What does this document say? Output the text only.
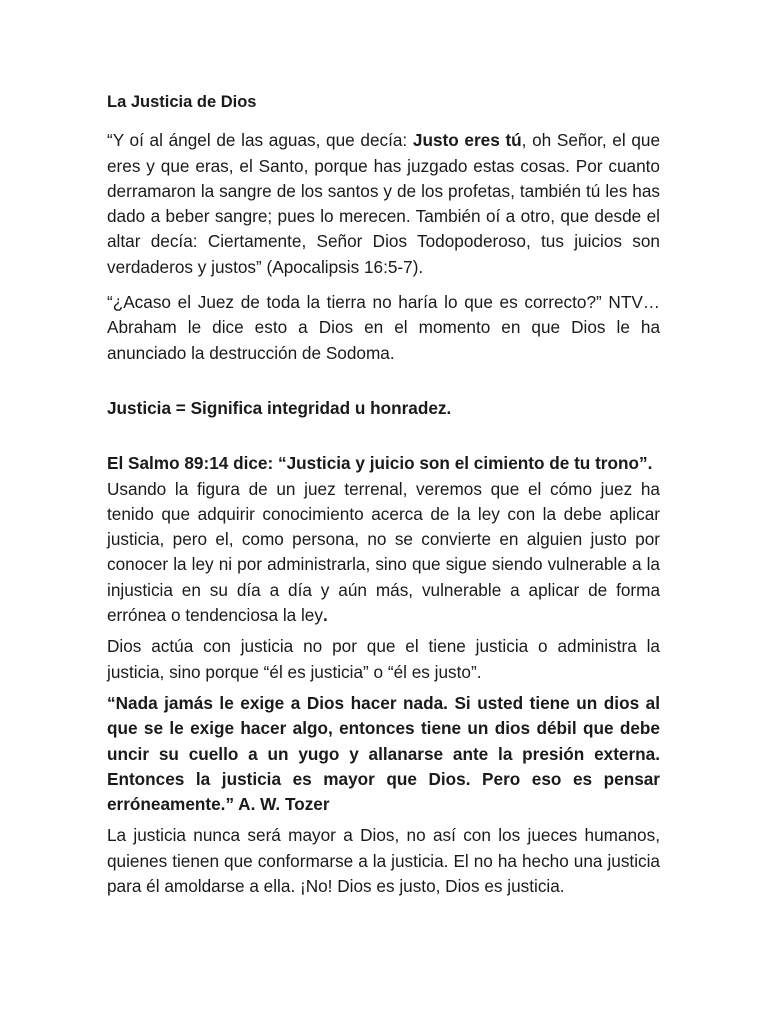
La Justicia de Dios

“Y oí al ángel de las aguas, que decía: Justo eres tú, oh Señor, el que eres y que eras, el Santo, porque has juzgado estas cosas. Por cuanto derramaron la sangre de los santos y de los profetas, también tú les has dado a beber sangre; pues lo merecen. También oí a otro, que desde el altar decía: Ciertamente, Señor Dios Todopoderoso, tus juicios son verdaderos y justos” (Apocalipsis 16:5-7).

“¿Acaso el Juez de toda la tierra no haría lo que es correcto?” NTV… Abraham le dice esto a Dios en el momento en que Dios le ha anunciado la destrucción de Sodoma.

Justicia = Significa integridad u honradez.

El Salmo 89:14 dice: “Justicia y juicio son el cimiento de tu trono”.

Usando la figura de un juez terrenal, veremos que el cómo juez ha tenido que adquirir conocimiento acerca de la ley con la debe aplicar justicia, pero el, como persona, no se convierte en alguien justo por conocer la ley ni por administrarla, sino que sigue siendo vulnerable a la injusticia en su día a día y aún más, vulnerable a aplicar de forma errónea o tendenciosa la ley.

Dios actúa con justicia no por que el tiene justicia o administra la justicia, sino porque “él es justicia” o “él es justo”.

“Nada jamás le exige a Dios hacer nada. Si usted tiene un dios al que se le exige hacer algo, entonces tiene un dios débil que debe uncir su cuello a un yugo y allanarse ante la presión externa. Entonces la justicia es mayor que Dios. Pero eso es pensar erróneamente.” A. W. Tozer

La justicia nunca será mayor a Dios, no así con los jueces humanos, quienes tienen que conformarse a la justicia. El no ha hecho una justicia para él amoldarse a ella. ¡No! Dios es justo, Dios es justicia.
